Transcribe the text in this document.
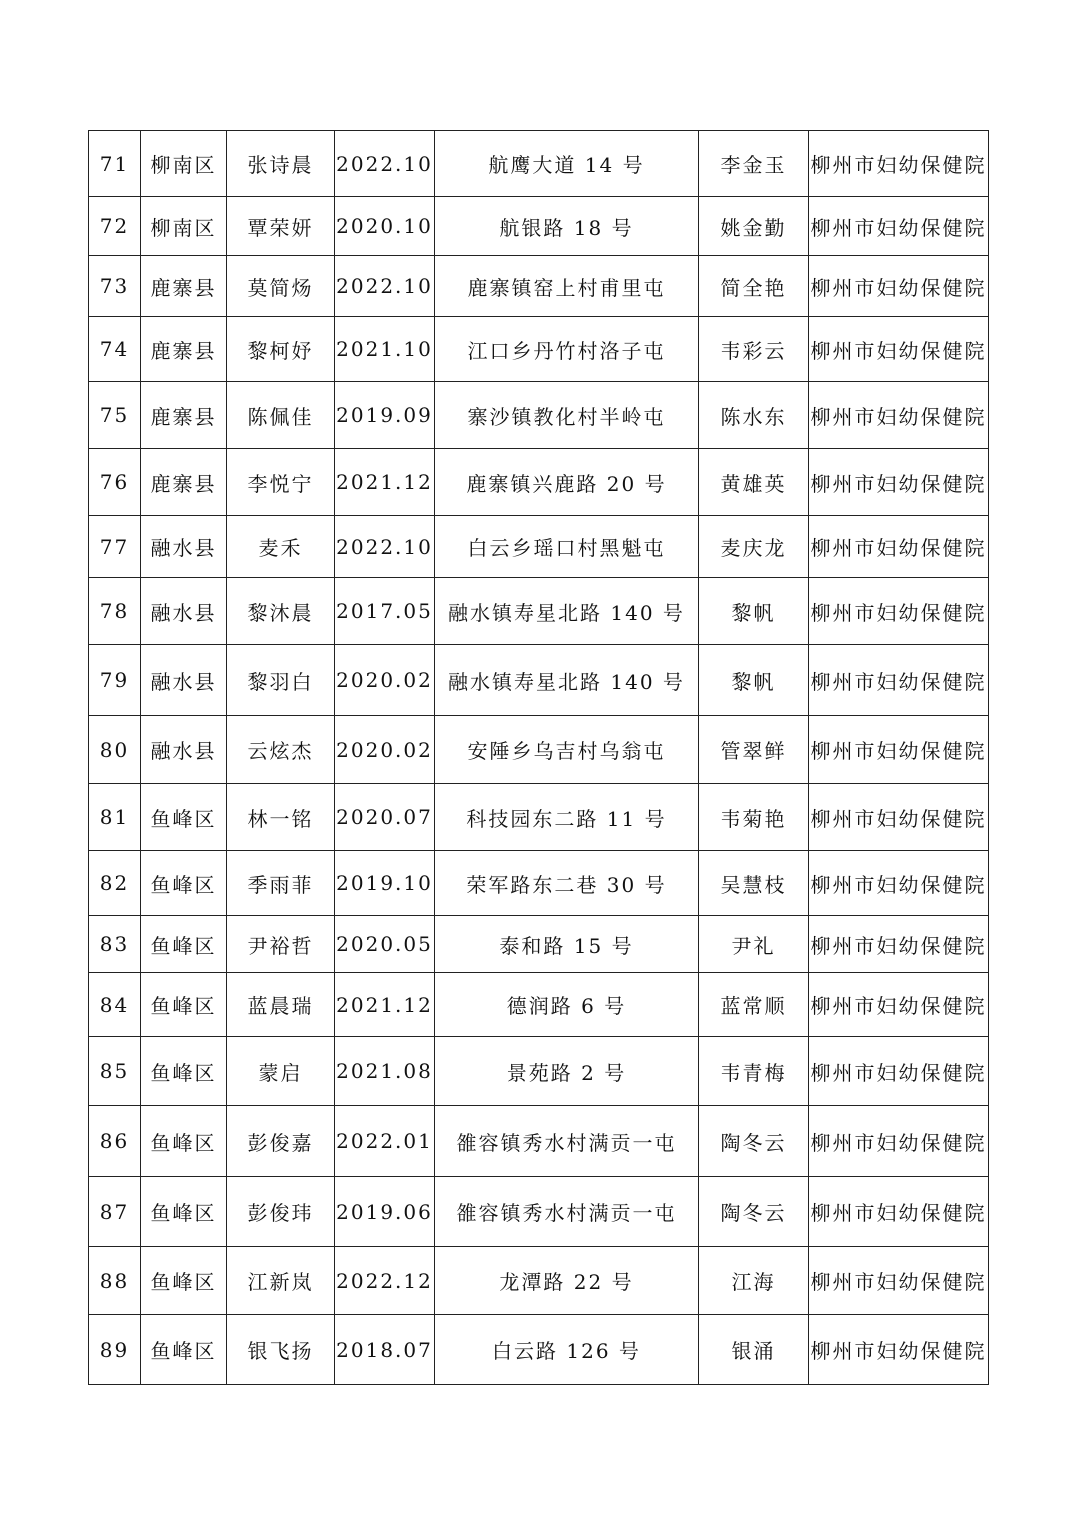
71	柳南区	张诗晨	2022.10	航鹰大道 14 号	李金玉	柳州市妇幼保健院
72	柳南区	覃荣妍	2020.10	航银路 18 号	姚金勤	柳州市妇幼保健院
73	鹿寨县	莫简炀	2022.10	鹿寨镇窑上村甫里屯	简全艳	柳州市妇幼保健院
74	鹿寨县	黎柯妤	2021.10	江口乡丹竹村洛子屯	韦彩云	柳州市妇幼保健院
75	鹿寨县	陈佩佳	2019.09	寨沙镇教化村半岭屯	陈水东	柳州市妇幼保健院
76	鹿寨县	李悦宁	2021.12	鹿寨镇兴鹿路 20 号	黄雄英	柳州市妇幼保健院
77	融水县	麦禾	2022.10	白云乡瑶口村黑魁屯	麦庆龙	柳州市妇幼保健院
78	融水县	黎沐晨	2017.05	融水镇寿星北路 140 号	黎帆	柳州市妇幼保健院
79	融水县	黎羽白	2020.02	融水镇寿星北路 140 号	黎帆	柳州市妇幼保健院
80	融水县	云炫杰	2020.02	安陲乡乌吉村乌翁屯	管翠鲜	柳州市妇幼保健院
81	鱼峰区	林一铭	2020.07	科技园东二路 11 号	韦菊艳	柳州市妇幼保健院
82	鱼峰区	季雨菲	2019.10	荣军路东二巷 30 号	吴慧枝	柳州市妇幼保健院
83	鱼峰区	尹裕哲	2020.05	泰和路 15 号	尹礼	柳州市妇幼保健院
84	鱼峰区	蓝晨瑞	2021.12	德润路 6 号	蓝常顺	柳州市妇幼保健院
85	鱼峰区	蒙启	2021.08	景苑路 2 号	韦青梅	柳州市妇幼保健院
86	鱼峰区	彭俊嘉	2022.01	雒容镇秀水村满贡一屯	陶冬云	柳州市妇幼保健院
87	鱼峰区	彭俊玮	2019.06	雒容镇秀水村满贡一屯	陶冬云	柳州市妇幼保健院
88	鱼峰区	江新岚	2022.12	龙潭路 22 号	江海	柳州市妇幼保健院
89	鱼峰区	银飞扬	2018.07	白云路 126 号	银涌	柳州市妇幼保健院
